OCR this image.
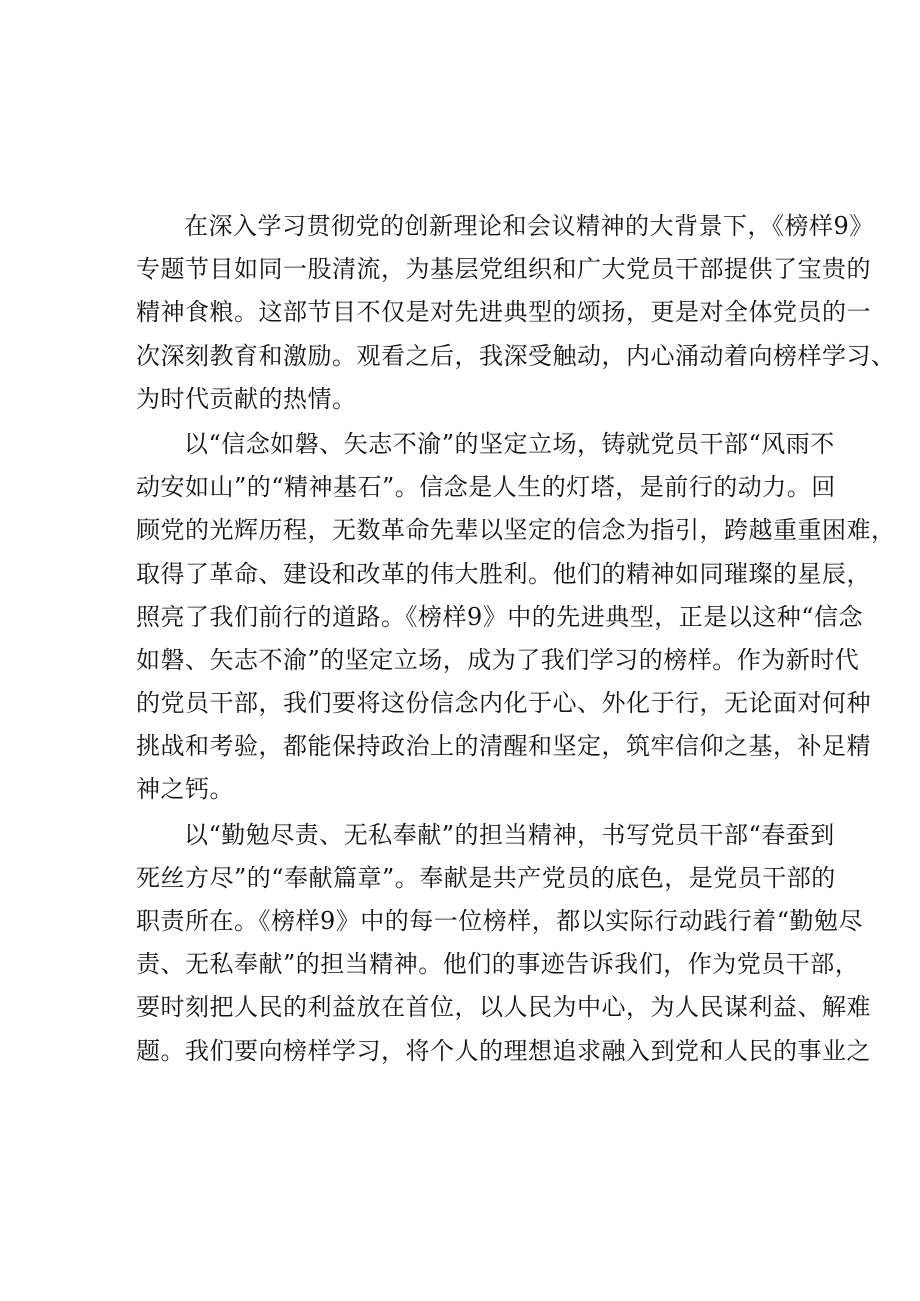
在深入学习贯彻党的创新理论和会议精神的大背景下，《榜样9》
专题节目如同一股清流，为基层党组织和广大党员干部提供了宝贵的
精神食粮。这部节目不仅是对先进典型的颂扬，更是对全体党员的一
次深刻教育和激励。观看之后，我深受触动，内心涌动着向榜样学习、
为时代贡献的热情。

以“信念如磐、矢志不渝”的坚定立场，铸就党员干部“风雨不
动安如山”的“精神基石”。信念是人生的灯塔，是前行的动力。回
顾党的光辉历程，无数革命先辈以坚定的信念为指引，跨越重重困难，
取得了革命、建设和改革的伟大胜利。他们的精神如同璀璨的星辰，
照亮了我们前行的道路。《榜样9》中的先进典型，正是以这种“信念
如磐、矢志不渝”的坚定立场，成为了我们学习的榜样。作为新时代
的党员干部，我们要将这份信念内化于心、外化于行，无论面对何种
挑战和考验，都能保持政治上的清醒和坚定，筑牢信仰之基，补足精
神之钙。

以“勤勉尽责、无私奉献”的担当精神，书写党员干部“春蚕到
死丝方尽”的“奉献篇章”。奉献是共产党员的底色，是党员干部的
职责所在。《榜样9》中的每一位榜样，都以实际行动践行着“勤勉尽
责、无私奉献”的担当精神。他们的事迹告诉我们，作为党员干部，
要时刻把人民的利益放在首位，以人民为中心，为人民谋利益、解难
题。我们要向榜样学习，将个人的理想追求融入到党和人民的事业之
